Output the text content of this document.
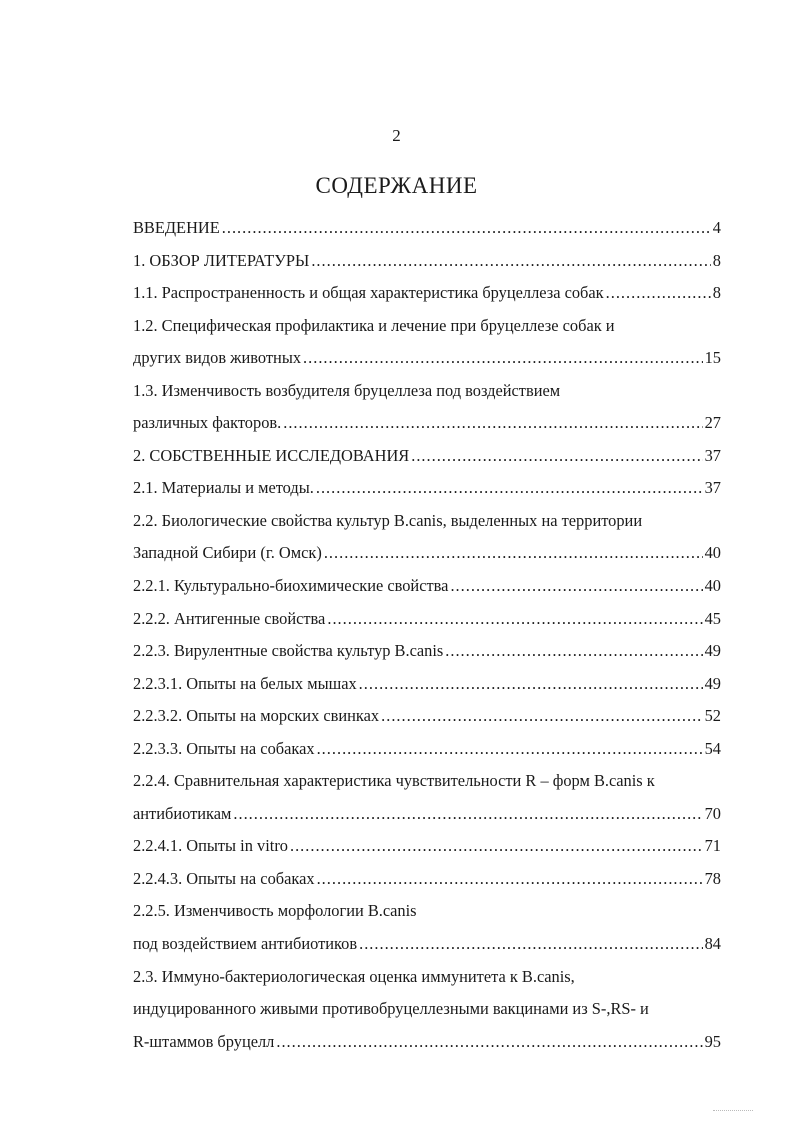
2
СОДЕРЖАНИЕ
ВВЕДЕНИЕ .....	4
1. ОБЗОР ЛИТЕРАТУРЫ .....	8
1.1. Распространенность и общая характеристика бруцеллеза собак .....	8
1.2. Специфическая профилактика и лечение при бруцеллезе собак и
других видов животных .....	15
1.3. Изменчивость возбудителя бруцеллеза под воздействием
различных факторов. .....	27
2. СОБСТВЕННЫЕ ИССЛЕДОВАНИЯ .....	37
2.1. Материалы и методы. .....	37
2.2. Биологические свойства культур B.canis, выделенных на территории
Западной Сибири (г. Омск) .....	40
2.2.1. Культурально-биохимические свойства .....	40
2.2.2. Антигенные свойства .....	45
2.2.3. Вирулентные свойства культур B.canis .....	49
2.2.3.1. Опыты на белых мышах .....	49
2.2.3.2. Опыты на морских свинках .....	52
2.2.3.3. Опыты на собаках .....	54
2.2.4. Сравнительная характеристика чувствительности R – форм B.canis к
антибиотикам .....	70
2.2.4.1. Опыты in vitro .....	71
2.2.4.3. Опыты на собаках .....	78
2.2.5. Изменчивость морфологии B.canis
под воздействием антибиотиков .....	84
2.3. Иммуно-бактериологическая оценка иммунитета к B.canis,
индуцированного живыми противобруцеллезными вакцинами из S-,RS- и
R-штаммов бруцелл .....	95
